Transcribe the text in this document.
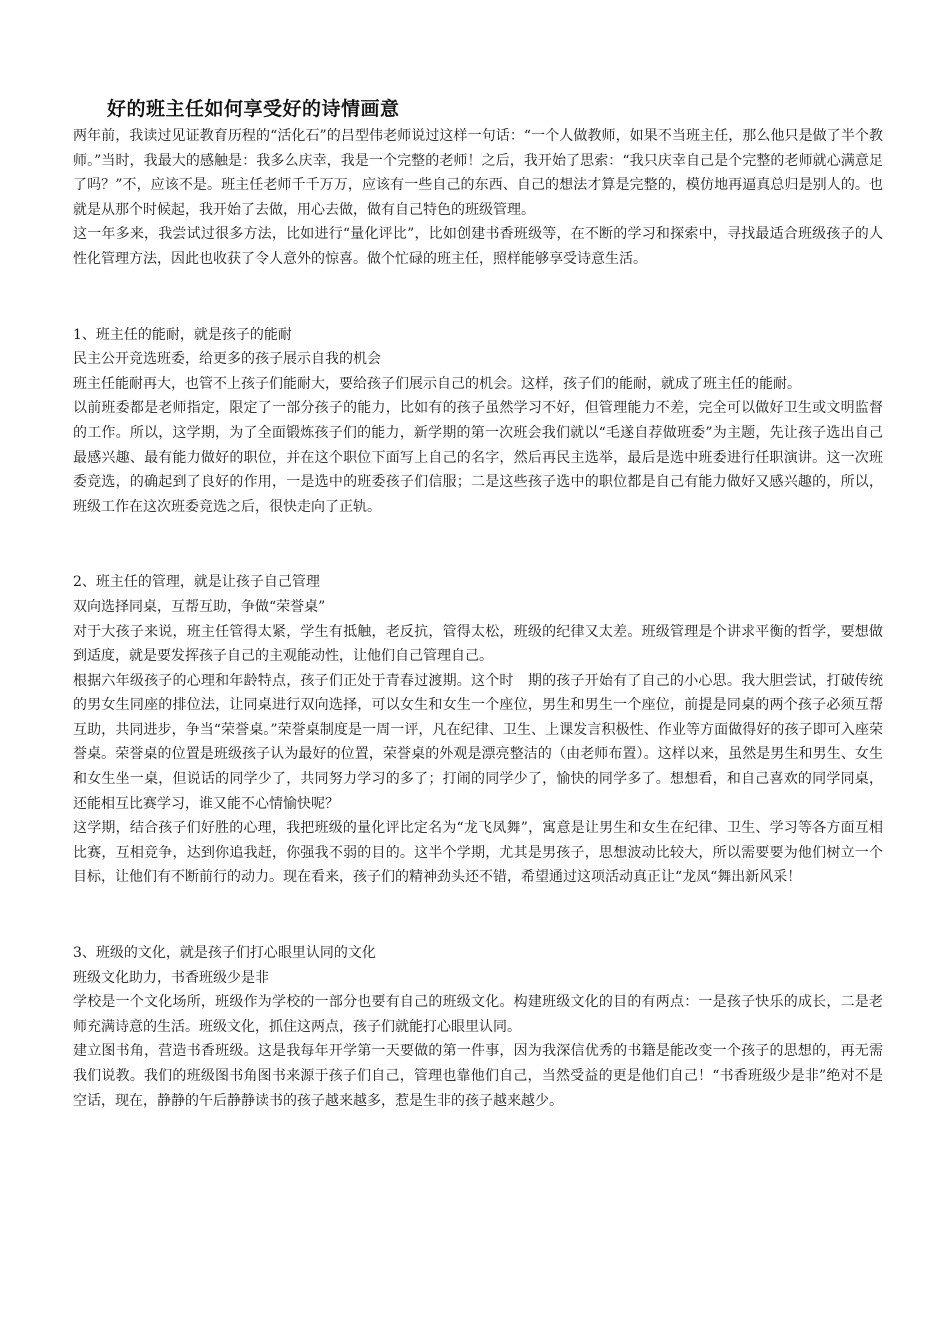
好的班主任如何享受好的诗情画意

两年前，我读过见证教育历程的“活化石”的吕型伟老师说过这样一句话：“一个人做教师，如果不当班主任，那么他只是做了半个教师。”当时，我最大的感触是：我多么庆幸，我是一个完整的老师！之后，我开始了思索：“我只庆幸自己是个完整的老师就心满意足了吗？”不，应该不是。班主任老师千千万万，应该有一些自己的东西、自己的想法才算是完整的，模仿地再逼真总归是别人的。也就是从那个时候起，我开始了去做，用心去做，做有自己特色的班级管理。

这一年多来，我尝试过很多方法，比如进行“量化评比”，比如创建书香班级等，在不断的学习和探索中，寻找最适合班级孩子的人性化管理方法，因此也收获了令人意外的惊喜。做个忙碌的班主任，照样能够享受诗意生活。

1、班主任的能耐，就是孩子的能耐

民主公开竞选班委，给更多的孩子展示自我的机会

班主任能耐再大，也管不上孩子们能耐大，要给孩子们展示自己的机会。这样，孩子们的能耐，就成了班主任的能耐。

以前班委都是老师指定，限定了一部分孩子的能力，比如有的孩子虽然学习不好，但管理能力不差，完全可以做好卫生或文明监督的工作。所以，这学期，为了全面锻炼孩子们的能力，新学期的第一次班会我们就以“毛遂自荐做班委”为主题，先让孩子选出自己最感兴趣、最有能力做好的职位，并在这个职位下面写上自己的名字，然后再民主选举，最后是选中班委进行任职演讲。这一次班委竞选，的确起到了良好的作用，一是选中的班委孩子们信服；二是这些孩子选中的职位都是自己有能力做好又感兴趣的，所以，班级工作在这次班委竞选之后，很快走向了正轨。

2、班主任的管理，就是让孩子自己管理

双向选择同桌，互帮互助，争做“荣誉桌”

对于大孩子来说，班主任管得太紧，学生有抵触，老反抗，管得太松，班级的纪律又太差。班级管理是个讲求平衡的哲学，要想做到适度，就是要发挥孩子自己的主观能动性，让他们自己管理自己。

根据六年级孩子的心理和年龄特点，孩子们正处于青春过渡期。这个时　期的孩子开始有了自己的小心思。我大胆尝试，打破传统的男女生同座的排位法，让同桌进行双向选择，可以女生和女生一个座位，男生和男生一个座位，前提是同桌的两个孩子必须互帮互助，共同进步，争当“荣誉桌。”荣誉桌制度是一周一评，凡在纪律、卫生、上课发言积极性、作业等方面做得好的孩子即可入座荣誉桌。荣誉桌的位置是班级孩子认为最好的位置，荣誉桌的外观是漂亮整洁的（由老师布置）。这样以来，虽然是男生和男生、女生和女生坐一桌，但说话的同学少了，共同努力学习的多了；打闹的同学少了，愉快的同学多了。想想看，和自己喜欢的同学同桌，还能相互比赛学习，谁又能不心情愉快呢？

这学期，结合孩子们好胜的心理，我把班级的量化评比定名为“龙飞凤舞”，寓意是让男生和女生在纪律、卫生、学习等各方面互相比赛，互相竞争，达到你追我赶，你强我不弱的目的。这半个学期，尤其是男孩子，思想波动比较大，所以需要要为他们树立一个目标，让他们有不断前行的动力。现在看来，孩子们的精神劲头还不错，希望通过这项活动真正让“龙凤“舞出新风采！

3、班级的文化，就是孩子们打心眼里认同的文化

班级文化助力，书香班级少是非

学校是一个文化场所，班级作为学校的一部分也要有自己的班级文化。构建班级文化的目的有两点：一是孩子快乐的成长，二是老师充满诗意的生活。班级文化，抓住这两点，孩子们就能打心眼里认同。

建立图书角，营造书香班级。这是我每年开学第一天要做的第一件事，因为我深信优秀的书籍是能改变一个孩子的思想的，再无需我们说教。我们的班级图书角图书来源于孩子们自己，管理也靠他们自己，当然受益的更是他们自己！“书香班级少是非”绝对不是空话，现在，静静的午后静静读书的孩子越来越多，惹是生非的孩子越来越少。
